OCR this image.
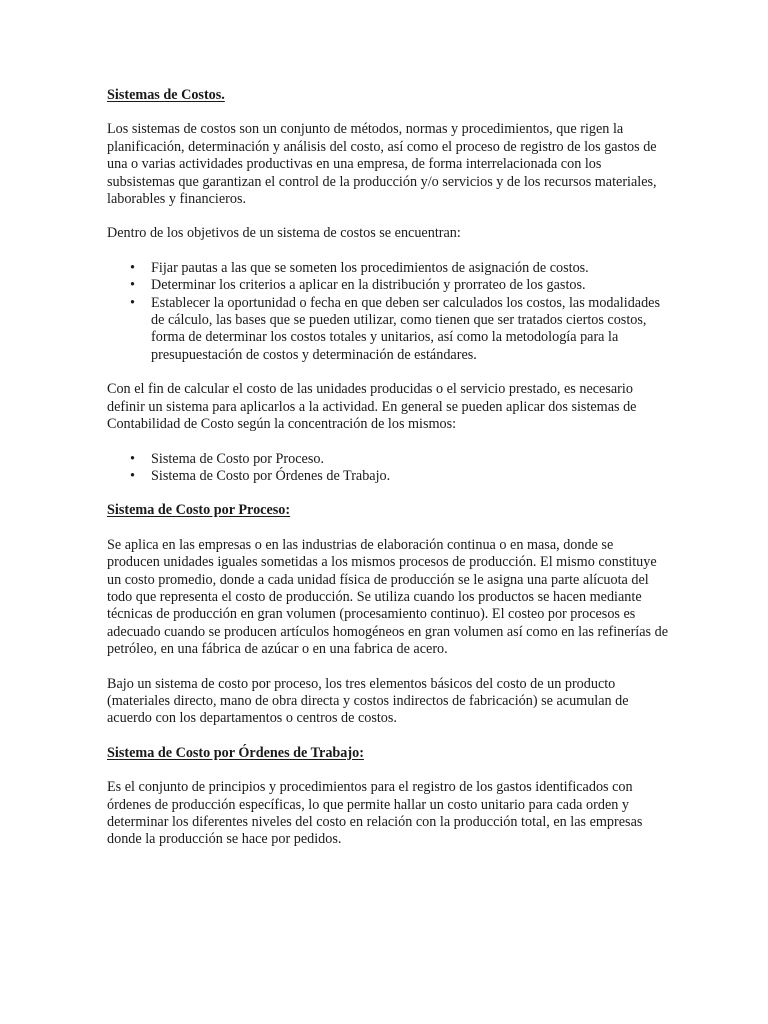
Sistemas de Costos.

Los sistemas de costos son un conjunto de métodos, normas y procedimientos, que rigen la planificación, determinación y análisis del costo, así como el proceso de registro de los gastos de una o varias actividades productivas en una empresa, de forma interrelacionada con los subsistemas que garantizan el control de la producción y/o servicios y de los recursos materiales, laborables y financieros.

Dentro de los objetivos de un sistema de costos se encuentran:

• Fijar pautas a las que se someten los procedimientos de asignación de costos.
• Determinar los criterios a aplicar en la distribución y prorrateo de los gastos.
• Establecer la oportunidad o fecha en que deben ser calculados los costos, las modalidades de cálculo, las bases que se pueden utilizar, como tienen que ser tratados ciertos costos, forma de determinar los costos totales y unitarios, así como la metodología para la presupuestación de costos y determinación de estándares.

Con el fin de calcular el costo de las unidades producidas o el servicio prestado, es necesario definir un sistema para aplicarlos a la actividad. En general se pueden aplicar dos sistemas de Contabilidad de Costo según la concentración de los mismos:

• Sistema de Costo por Proceso.
• Sistema de Costo por Órdenes de Trabajo.
Sistema de Costo por Proceso:

Se aplica en las empresas o en las industrias de elaboración continua o en masa, donde se producen unidades iguales sometidas a los mismos procesos de producción. El mismo constituye un costo promedio, donde a cada unidad física de producción se le asigna una parte alícuota del todo que representa el costo de producción. Se utiliza cuando los productos se hacen mediante técnicas de producción en gran volumen (procesamiento continuo). El costeo por procesos es adecuado cuando se producen artículos homogéneos en gran volumen así como en las refinerías de petróleo, en una fábrica de azúcar o en una fabrica de acero.

Bajo un sistema de costo por proceso, los tres elementos básicos del costo de un producto (materiales directo, mano de obra directa y costos indirectos de fabricación) se acumulan de acuerdo con los departamentos o centros de costos.

Sistema de Costo por Órdenes de Trabajo:

Es el conjunto de principios y procedimientos para el registro de los gastos identificados con órdenes de producción específicas, lo que permite hallar un costo unitario para cada orden y determinar los diferentes niveles del costo en relación con la producción total, en las empresas donde la producción se hace por pedidos.
